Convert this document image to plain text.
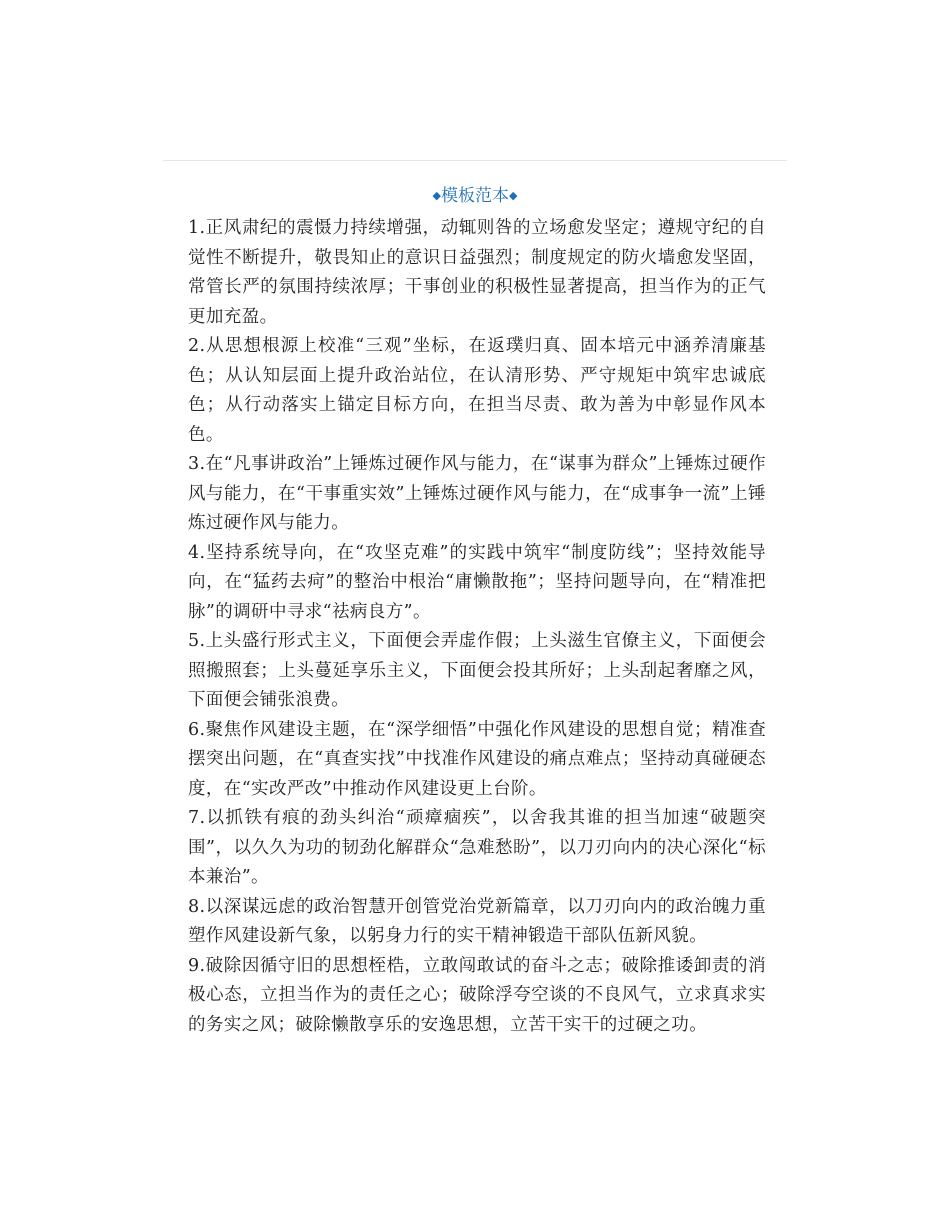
◆模板范本◆

1.正风肃纪的震慑力持续增强，动辄则咎的立场愈发坚定；遵规守纪的自觉性不断提升，敬畏知止的意识日益强烈；制度规定的防火墙愈发坚固，常管长严的氛围持续浓厚；干事创业的积极性显著提高，担当作为的正气更加充盈。

2.从思想根源上校准“三观”坐标，在返璞归真、固本培元中涵养清廉基色；从认知层面上提升政治站位，在认清形势、严守规矩中筑牢忠诚底色；从行动落实上锚定目标方向，在担当尽责、敢为善为中彰显作风本色。

3.在“凡事讲政治”上锤炼过硬作风与能力，在“谋事为群众”上锤炼过硬作风与能力，在“干事重实效”上锤炼过硬作风与能力，在“成事争一流”上锤炼过硬作风与能力。

4.坚持系统导向，在“攻坚克难”的实践中筑牢“制度防线”；坚持效能导向，在“猛药去疴”的整治中根治“庸懒散拖”；坚持问题导向，在“精准把脉”的调研中寻求“祛病良方”。

5.上头盛行形式主义，下面便会弄虚作假；上头滋生官僚主义，下面便会照搬照套；上头蔓延享乐主义，下面便会投其所好；上头刮起奢靡之风，下面便会铺张浪费。

6.聚焦作风建设主题，在“深学细悟”中强化作风建设的思想自觉；精准查摆突出问题，在“真查实找”中找准作风建设的痛点难点；坚持动真碰硬态度，在“实改严改”中推动作风建设更上台阶。

7.以抓铁有痕的劲头纠治“顽瘴痼疾”，以舍我其谁的担当加速“破题突围”，以久久为功的韧劲化解群众“急难愁盼”，以刀刃向内的决心深化“标本兼治”。

8.以深谋远虑的政治智慧开创管党治党新篇章，以刀刃向内的政治魄力重塑作风建设新气象，以躬身力行的实干精神锻造干部队伍新风貌。

9.破除因循守旧的思想桎梏，立敢闯敢试的奋斗之志；破除推诿卸责的消极心态，立担当作为的责任之心；破除浮夸空谈的不良风气，立求真求实的务实之风；破除懒散享乐的安逸思想，立苦干实干的过硬之功。
